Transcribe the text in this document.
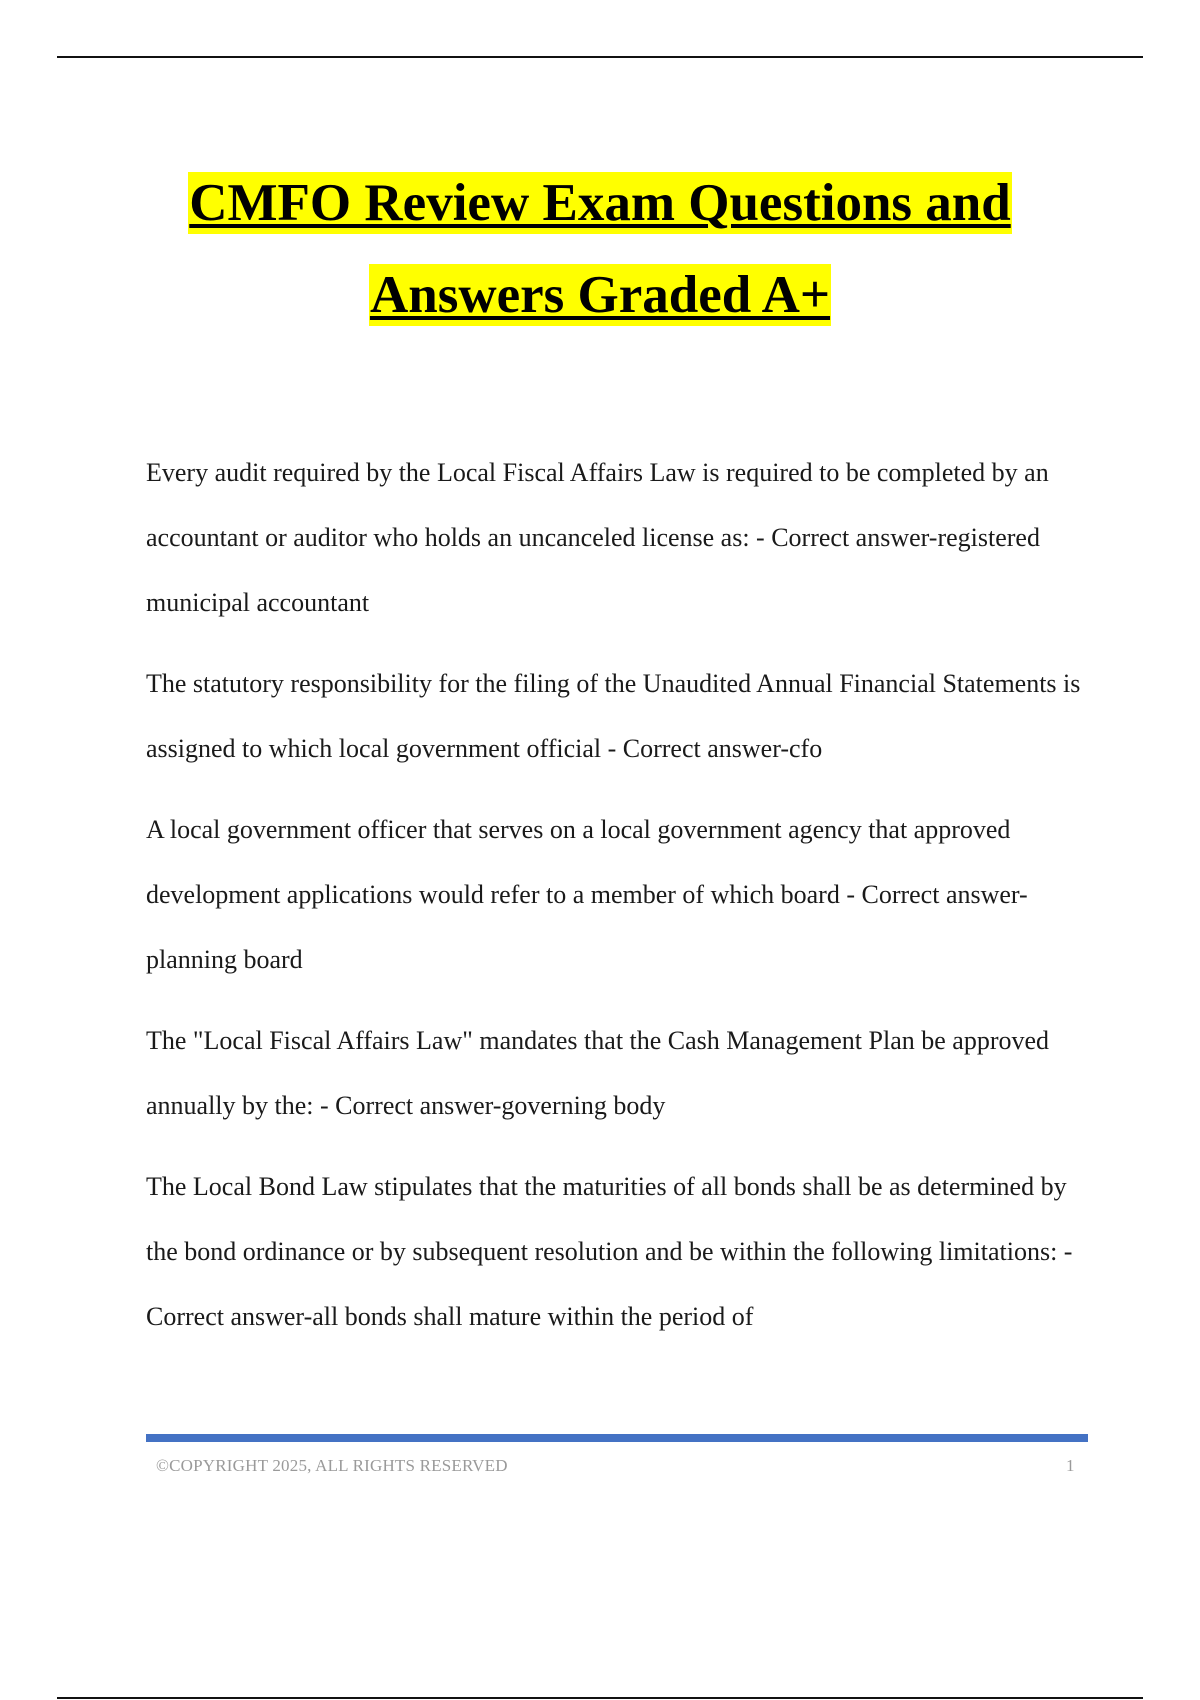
CMFO Review Exam Questions and
Answers Graded A+

Every audit required by the Local Fiscal Affairs Law is required to be completed by an accountant or auditor who holds an uncanceled license as: - Correct answer-registered municipal accountant

The statutory responsibility for the filing of the Unaudited Annual Financial Statements is assigned to which local government official - Correct answer-cfo

A local government officer that serves on a local government agency that approved development applications would refer to a member of which board - Correct answer-planning board

The "Local Fiscal Affairs Law" mandates that the Cash Management Plan be approved annually by the: - Correct answer-governing body

The Local Bond Law stipulates that the maturities of all bonds shall be as determined by the bond ordinance or by subsequent resolution and be within the following limitations: - Correct answer-all bonds shall mature within the period of

©COPYRIGHT 2025, ALL RIGHTS RESERVED	1
